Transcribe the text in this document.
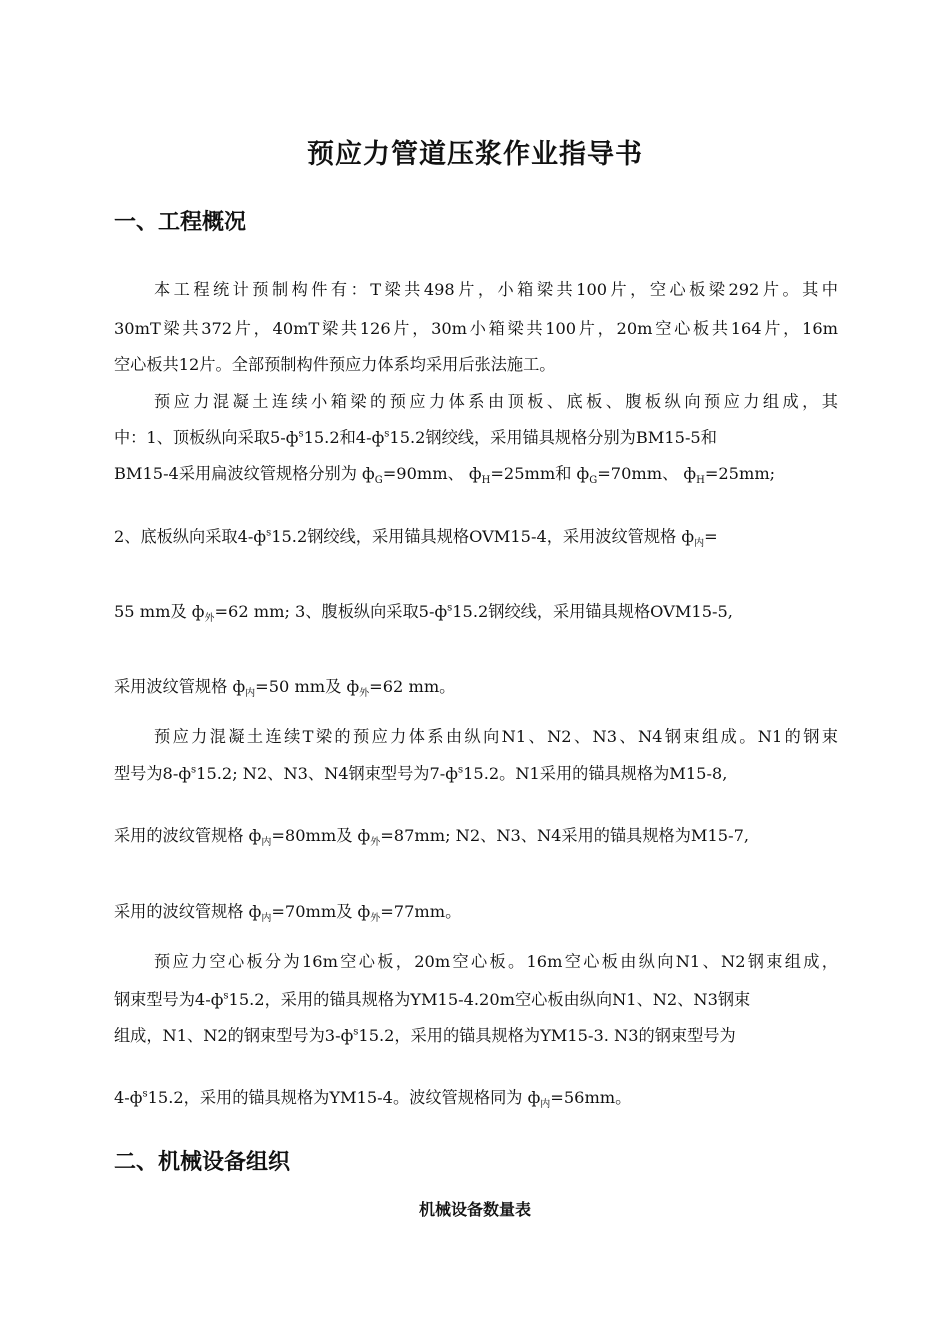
预应力管道压浆作业指导书
一、工程概况
本工程统计预制构件有：T梁共498片，小箱梁共100片，空心板梁292片。其中
30mT梁共372片，40mT梁共126片，30m小箱梁共100片，20m空心板共164片，16m
空心板共12片。全部预制构件预应力体系均采用后张法施工。
预应力混凝土连续小箱梁的预应力体系由顶板、底板、腹板纵向预应力组成，其
中：1、顶板纵向采取$5-ф^s15.2$和$4-ф^s15.2$钢绞线，采用锚具规格分别为BM15-5和
BM15-4采用扁波纹管规格分别为 $ф_G=90mm$、 $ф_H=25mm$和 $ф_G=70mm$、 $ф_H=25mm$;
2、底板纵向采取$4-ф^s15.2$钢绞线，采用锚具规格OVM15-4，采用波纹管规格 $ф_内=$
55 mm及 $ф_外=62$ mm; 3、腹板纵向采取$5-ф^s15.2$钢绞线，采用锚具规格OVM15-5,
采用波纹管规格 $ф_内=50$ mm及 $ф_外=62$ mm。
预应力混凝土连续T梁的预应力体系由纵向N1、N2、N3、N4钢束组成。N1的钢束
型号为$8-ф^s15.2$; N2、N3、N4钢束型号为$7-ф^s15.2$。N1采用的锚具规格为M15-8,
采用的波纹管规格 $ф_内=80mm$及 $ф_外=87mm$; N2、N3、N4采用的锚具规格为M15-7,
采用的波纹管规格 $ф_内=70mm$及 $ф_外=77mm$。
预应力空心板分为16m空心板，20m空心板。16m空心板由纵向N1、N2钢束组成，
钢束型号为$4-ф^s15.2$，采用的锚具规格为YM15-4.20m空心板由纵向N1、N2、N3钢束
组成，N1、N2的钢束型号为$3-ф^s15.2$，采用的锚具规格为YM15-3. N3的钢束型号为
$4-ф^s15.2$，采用的锚具规格为YM15-4。波纹管规格同为 $ф_内=56mm$。
二、机械设备组织
机械设备数量表
